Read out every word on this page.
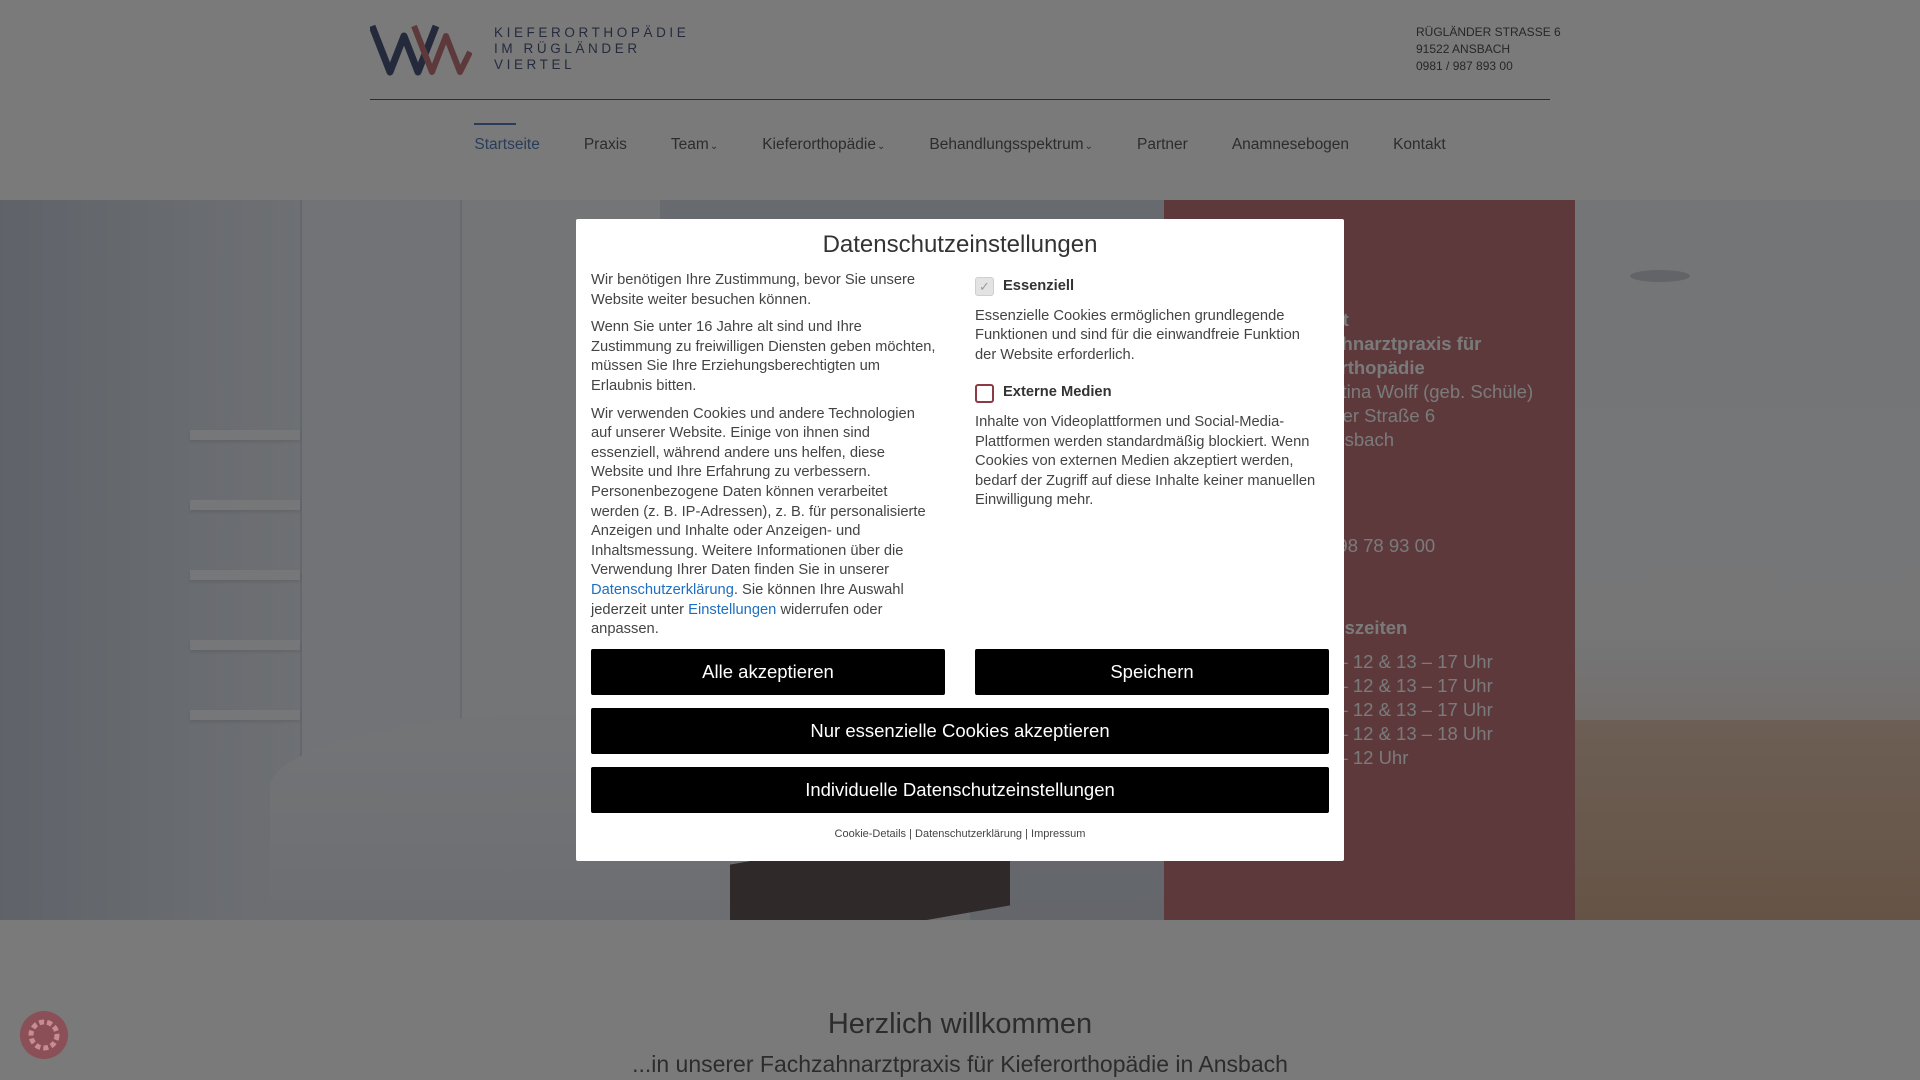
Datenschutzeinstellungen

Wir benötigen Ihre Zustimmung, bevor Sie unsere Website weiter besuchen können.

Wenn Sie unter 16 Jahre alt sind und Ihre Zustimmung zu freiwilligen Diensten geben möchten, müssen Sie Ihre Erziehungsberechtigten um Erlaubnis bitten.

Wir verwenden Cookies und andere Technologien auf unserer Website. Einige von ihnen sind essenziell, während andere uns helfen, diese Website und Ihre Erfahrung zu verbessern. Personenbezogene Daten können verarbeitet werden (z. B. IP-Adressen), z. B. für personalisierte Anzeigen und Inhalte oder Anzeigen- und Inhaltsmessung. Weitere Informationen über die Verwendung Ihrer Daten finden Sie in unserer Datenschutzerklärung. Sie können Ihre Auswahl jederzeit unter Einstellungen widerrufen oder anpassen.

✓ Essenziell
Essenzielle Cookies ermöglichen grundlegende Funktionen und sind für die einwandfreie Funktion der Website erforderlich.
Externe Medien
Inhalte von Videoplattformen und Social-Media-Plattformen werden standardmäßig blockiert. Wenn Cookies von externen Medien akzeptiert werden, bedarf der Zugriff auf diese Inhalte keiner manuellen Einwilligung mehr.
Alle akzeptieren	Speichern
Nur essenzielle Cookies akzeptieren
Individuelle Datenschutzeinstellungen
Cookie-Details | Datenschutzerklärung | Impressum
